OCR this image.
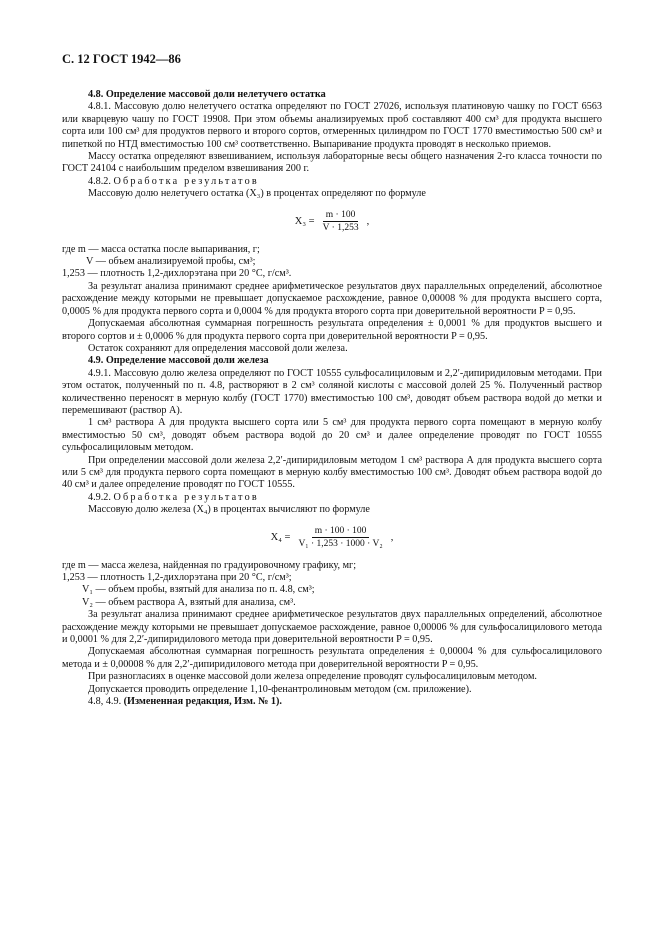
С. 12 ГОСТ 1942—86

4.8. Определение массовой доли нелетучего остатка

4.8.1. Массовую долю нелетучего остатка определяют по ГОСТ 27026, используя платиновую чашку по ГОСТ 6563 или кварцевую чашу по ГОСТ 19908. При этом объемы анализируемых проб составляют 400 см³ для продукта высшего сорта или 100 см³ для продуктов первого и второго сортов, отмеренных цилиндром по ГОСТ 1770 вместимостью 500 см³ и пипеткой по НТД вместимостью 100 см³ соответственно. Выпаривание продукта проводят в несколько приемов.

Массу остатка определяют взвешиванием, используя лабораторные весы общего назначения 2-го класса точности по ГОСТ 24104 с наибольшим пределом взвешивания 200 г.

4.8.2. Обработка результатов

Массовую долю нелетучего остатка (X₃) в процентах определяют по формуле

$X_3 = \frac{m \cdot 100}{V \cdot 1,253}$ ,

где m — масса остатка после выпаривания, г;

V — объем анализируемой пробы, см³;

1,253 — плотность 1,2-дихлорэтана при 20 °С, г/см³.

За результат анализа принимают среднее арифметическое результатов двух параллельных определений, абсолютное расхождение между которыми не превышает допускаемое расхождение, равное 0,00008 % для продукта высшего сорта, 0,0005 % для продукта первого сорта и 0,0004 % для продукта второго сорта при доверительной вероятности P = 0,95.

Допускаемая абсолютная суммарная погрешность результата определения ± 0,0001 % для продуктов высшего и второго сортов и ± 0,0006 % для продукта первого сорта при доверительной вероятности P = 0,95.

Остаток сохраняют для определения массовой доли железа.

4.9. Определение массовой доли железа

4.9.1. Массовую долю железа определяют по ГОСТ 10555 сульфосалициловым и 2,2′-дипиридиловым методами. При этом остаток, полученный по п. 4.8, растворяют в 2 см³ соляной кислоты с массовой долей 25 %. Полученный раствор количественно переносят в мерную колбу (ГОСТ 1770) вместимостью 100 см³, доводят объем раствора водой до метки и перемешивают (раствор А).

1 см³ раствора А для продукта высшего сорта или 5 см³ для продукта первого сорта помещают в мерную колбу вместимостью 50 см³, доводят объем раствора водой до 20 см³ и далее определение проводят по ГОСТ 10555 сульфосалициловым методом.

При определении массовой доли железа 2,2′-дипиридиловым методом 1 см³ раствора А для продукта высшего сорта или 5 см³ для продукта первого сорта помещают в мерную колбу вместимостью 100 см³. Доводят объем раствора водой до 40 см³ и далее определение проводят по ГОСТ 10555.

4.9.2. Обработка результатов

Массовую долю железа (X₄) в процентах вычисляют по формуле

$X_4 = \frac{m \cdot 100 \cdot 100}{\text{V₁ · 1,253 · 1000 · V₂}}$ ,

где m — масса железа, найденная по градуировочному графику, мг;

1,253 — плотность 1,2-дихлорэтана при 20 °С, г/см³;

V₁ — объем пробы, взятый для анализа по п. 4.8, см³;

V₂ — объем раствора А, взятый для анализа, см³.

За результат анализа принимают среднее арифметическое результатов двух параллельных определений, абсолютное расхождение между которыми не превышает допускаемое расхождение, равное 0,00006 % для сульфосалицилового метода и 0,0001 % для 2,2′-дипиридилового метода при доверительной вероятности P = 0,95.

Допускаемая абсолютная суммарная погрешность результата определения ± 0,00004 % для сульфосалицилового метода и ± 0,00008 % для 2,2′-дипиридилового метода при доверительной вероятности P = 0,95.

При разногласиях в оценке массовой доли железа определение проводят сульфосалициловым методом.

Допускается проводить определение 1,10-фенантролиновым методом (см. приложение).

4.8, 4.9. (Измененная редакция, Изм. № 1).
